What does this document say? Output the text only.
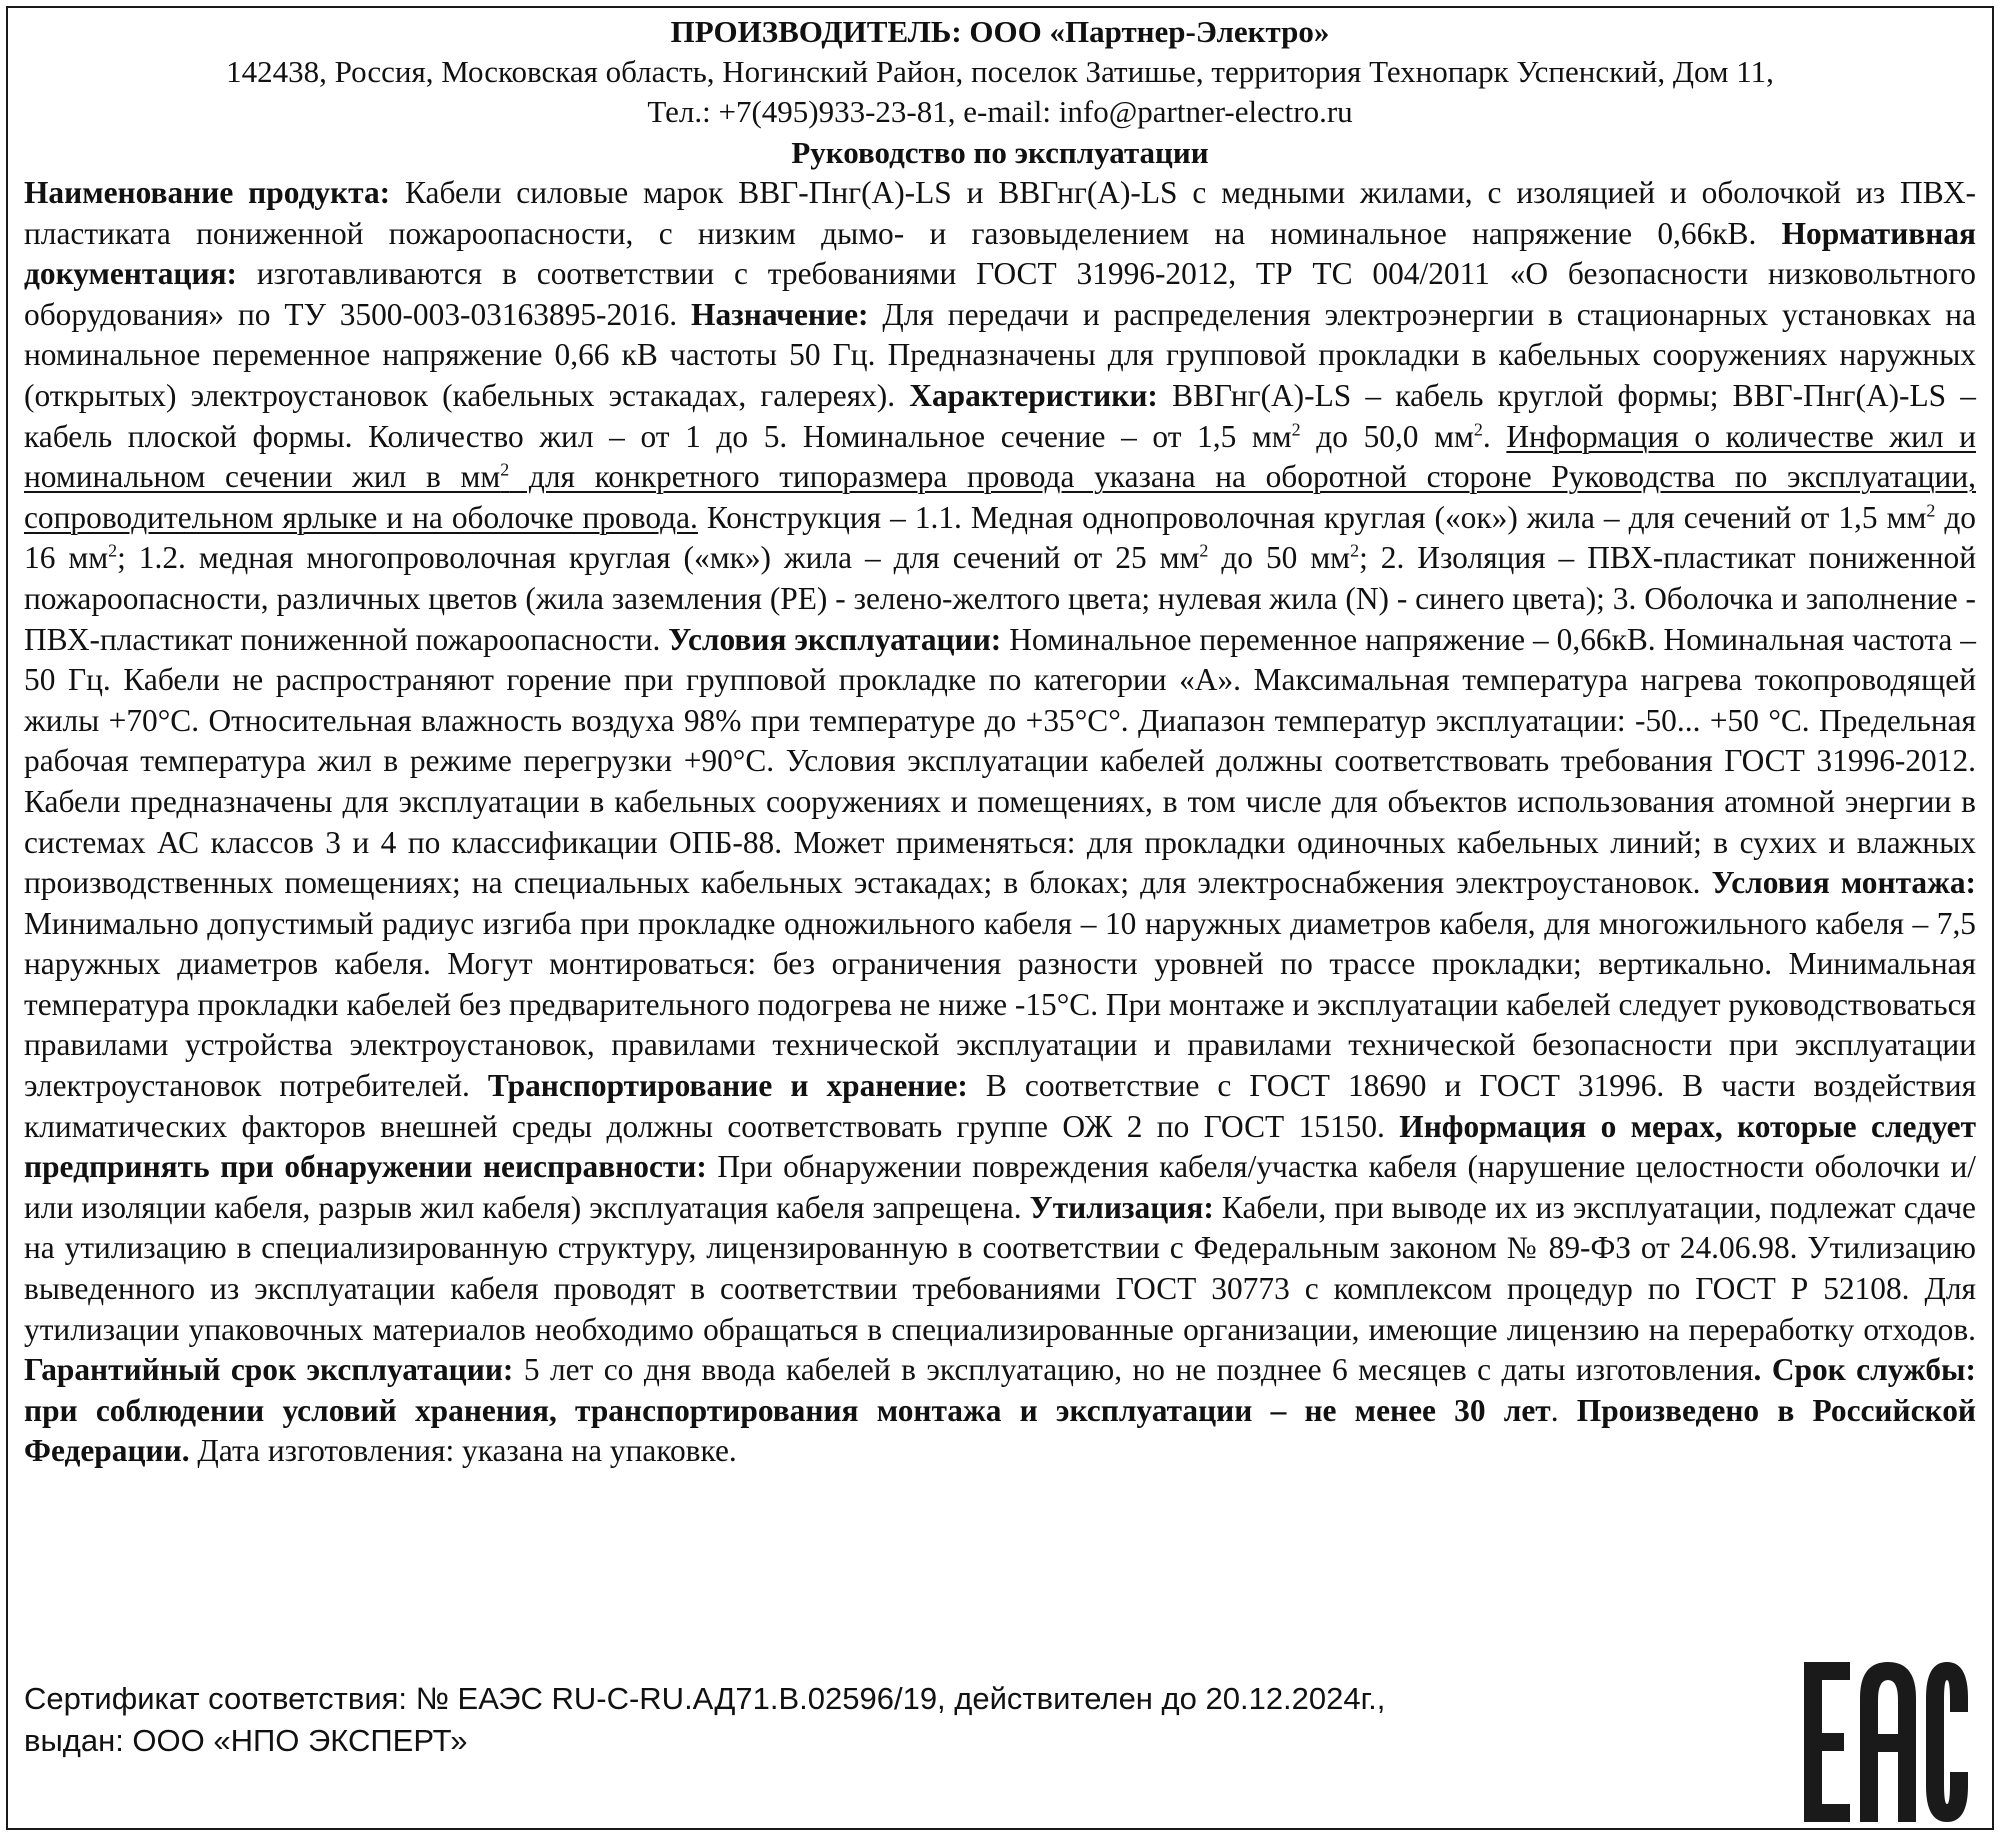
ПРОИЗВОДИТЕЛЬ: ООО «Партнер-Электро»
142438, Россия, Московская область, Ногинский Район, поселок Затишье, территория Технопарк Успенский, Дом 11,
Тел.: +7(495)933-23-81, e-mail: info@partner-electro.ru
Руководство по эксплуатации
Наименование продукта: Кабели силовые марок ВВГ-Пнг(А)-LS и ВВГнг(А)-LS с медными жилами, с изоляцией и оболочкой из ПВХ-пластиката пониженной пожароопасности, с низким дымо- и газовыделением на номинальное напряжение 0,66кВ. Нормативная документация: изготавливаются в соответствии с требованиями ГОСТ 31996-2012, ТР ТС 004/2011 «О безопасности низковольтного оборудования» по ТУ 3500-003-03163895-2016. Назначение: Для передачи и распределения электроэнергии в стационарных установках на номинальное переменное напряжение 0,66 кВ частоты 50 Гц. Предназначены для групповой прокладки в кабельных сооружениях наружных (открытых) электроустановок (кабельных эстакадах, галереях). Характеристики: ВВГнг(А)-LS – кабель круглой формы; ВВГ-Пнг(А)-LS – кабель плоской формы. Количество жил – от 1 до 5. Номинальное сечение – от 1,5 $мм^2$ до 50,0 $мм^2$. Информация о количестве жил и номинальном сечении жил в $мм^2$ для конкретного типоразмера провода указана на оборотной стороне Руководства по эксплуатации, сопроводительном ярлыке и на оболочке провода. Конструкция – 1.1. Медная однопроволочная круглая («ок») жила – для сечений от 1,5 $мм^2$ до 16 $мм^2$; 1.2. медная многопроволочная круглая («мк») жила – для сечений от 25 $мм^2$ до 50 $мм^2$; 2. Изоляция – ПВХ-пластикат пониженной пожароопасности, различных цветов (жила заземления (PE) - зелено-желтого цвета; нулевая жила (N) - синего цвета); 3. Оболочка и заполнение - ПВХ-пластикат пониженной пожароопасности. Условия эксплуатации: Номинальное переменное напряжение – 0,66кВ. Номинальная частота – 50 Гц. Кабели не распространяют горение при групповой прокладке по категории «А». Максимальная температура нагрева токопроводящей жилы +70°С. Относительная влажность воздуха 98% при температуре до +35°С°. Диапазон температур эксплуатации: -50... +50 °С. Предельная рабочая температура жил в режиме перегрузки +90°С. Условия эксплуатации кабелей должны соответствовать требования ГОСТ 31996-2012. Кабели предназначены для эксплуатации в кабельных сооружениях и помещениях, в том числе для объектов использования атомной энергии в системах АС классов 3 и 4 по классификации ОПБ-88. Может применяться: для прокладки одиночных кабельных линий; в сухих и влажных производственных помещениях; на специальных кабельных эстакадах; в блоках; для электроснабжения электроустановок. Условия монтажа: Минимально допустимый радиус изгиба при прокладке одножильного кабеля – 10 наружных диаметров кабеля, для многожильного кабеля – 7,5 наружных диаметров кабеля. Могут монтироваться: без ограничения разности уровней по трассе прокладки; вертикально. Минимальная температура прокладки кабелей без предварительного подогрева не ниже -15°С. При монтаже и эксплуатации кабелей следует руководствоваться правилами устройства электроустановок, правилами технической эксплуатации и правилами технической безопасности при эксплуатации электроустановок потребителей. Транспортирование и хранение: В соответствие с ГОСТ 18690 и ГОСТ 31996. В части воздействия климатических факторов внешней среды должны соответствовать группе ОЖ 2 по ГОСТ 15150. Информация о мерах, которые следует предпринять при обнаружении неисправности: При обнаружении повреждения кабеля/участка кабеля (нарушение целостности оболочки и/или изоляции кабеля, разрыв жил кабеля) эксплуатация кабеля запрещена. Утилизация: Кабели, при выводе их из эксплуатации, подлежат сдаче на утилизацию в специализированную структуру, лицензированную в соответствии с Федеральным законом № 89-ФЗ от 24.06.98. Утилизацию выведенного из эксплуатации кабеля проводят в соответствии требованиями ГОСТ 30773 с комплексом процедур по ГОСТ Р 52108. Для утилизации упаковочных материалов необходимо обращаться в специализированные организации, имеющие лицензию на переработку отходов. Гарантийный срок эксплуатации: 5 лет со дня ввода кабелей в эксплуатацию, но не позднее 6 месяцев с даты изготовления. Срок службы: при соблюдении условий хранения, транспортирования монтажа и эксплуатации – не менее 30 лет. Произведено в Российской Федерации. Дата изготовления: указана на упаковке.
Сертификат соответствия: № ЕАЭС RU-C-RU.АД71.В.02596/19, действителен до 20.12.2024г.,
выдан: ООО «НПО ЭКСПЕРТ»
